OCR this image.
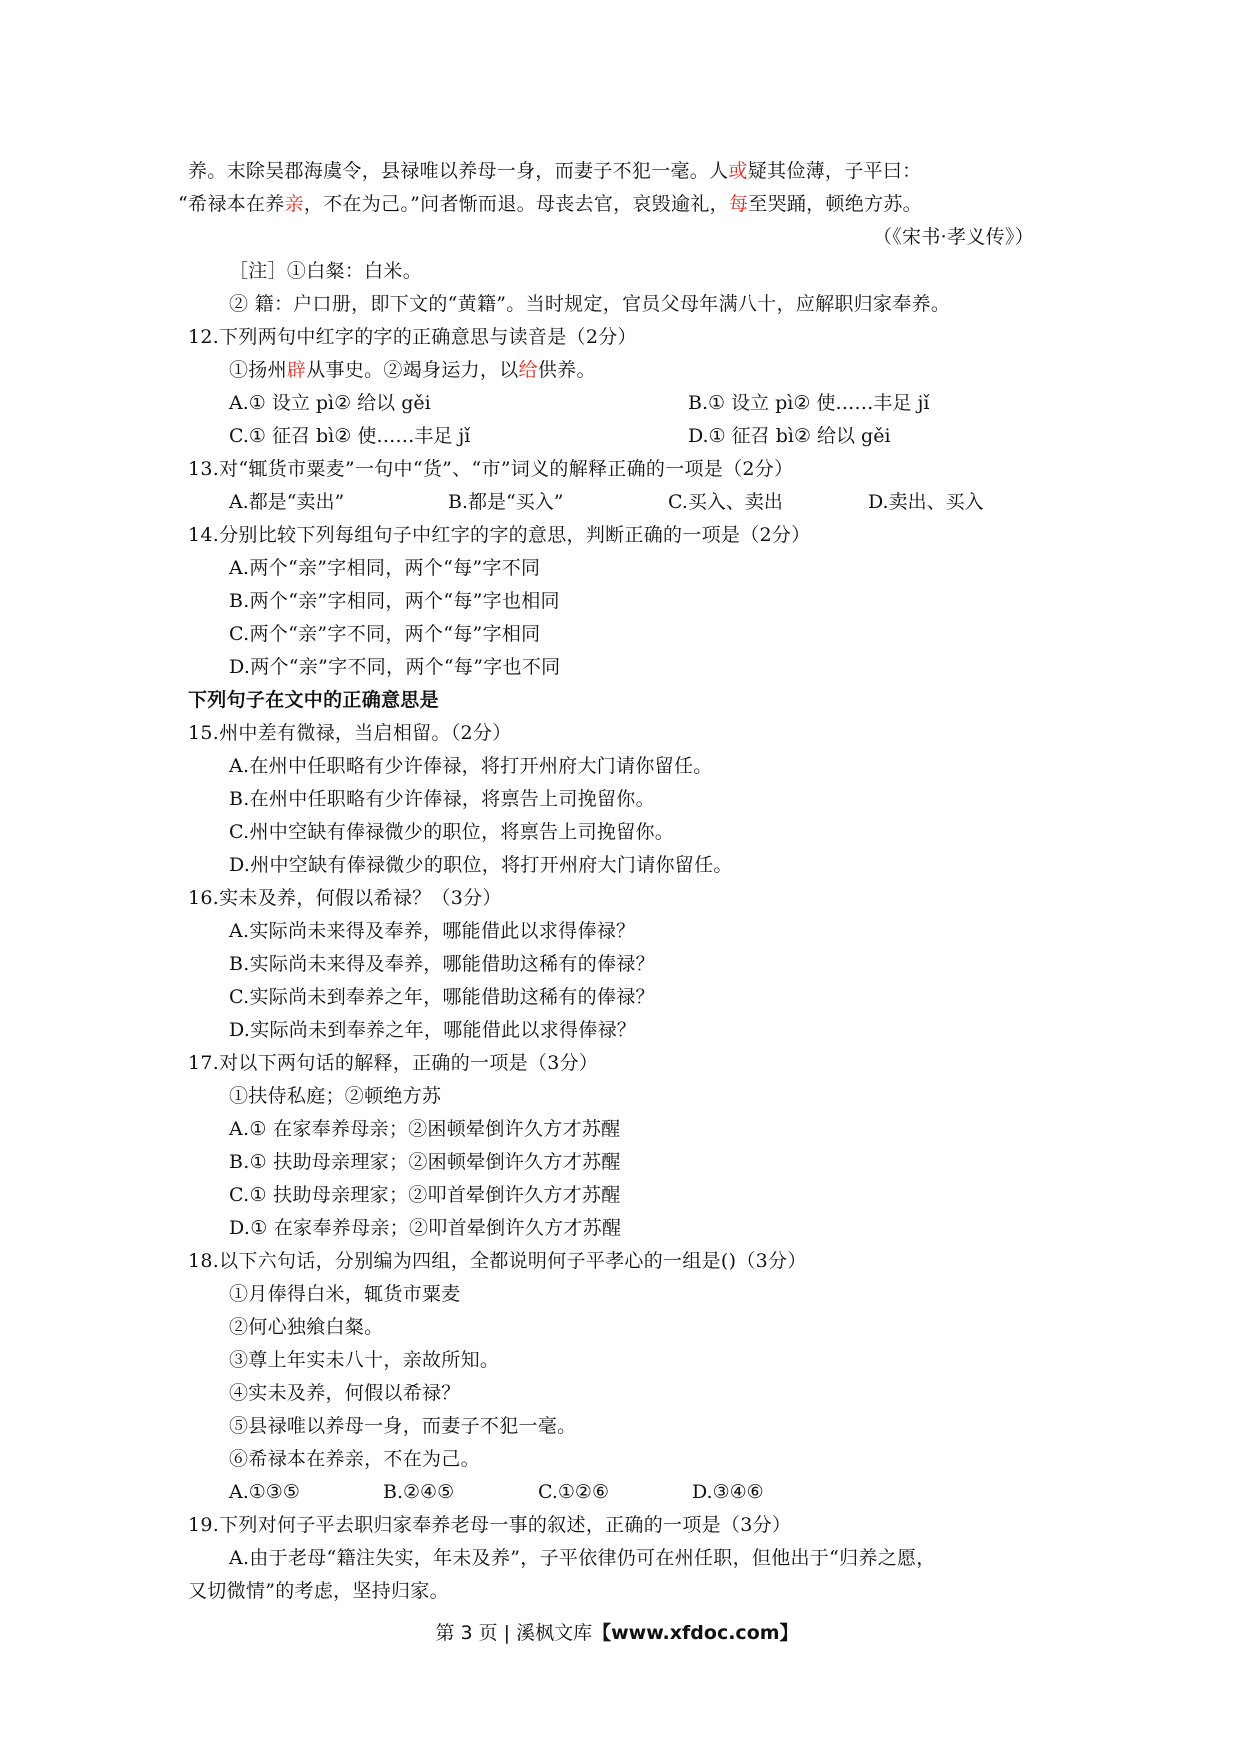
养。末除吴郡海虞令，县禄唯以养母一身，而妻子不犯一毫。人或疑其俭薄，子平曰：
“希禄本在养亲，不在为己。”问者惭而退。母丧去官，哀毁逾礼，每至哭踊，顿绝方苏。
（《宋书·孝义传》）
［注］①白粲：白米。
② 籍：户口册，即下文的“黄籍”。当时规定，官员父母年满八十，应解职归家奉养。
12.下列两句中红字的字的正确意思与读音是（2分）
①扬州辟从事史。②竭身运力，以给供养。
A.① 设立 pì② 给以 gěi	B.① 设立 pì② 使……丰足 jǐ
C.① 征召 bì② 使……丰足 jǐ	D.① 征召 bì② 给以 gěi
13.对“辄货市粟麦”一句中“货”、“市”词义的解释正确的一项是（2分）
A.都是“卖出”	B.都是“买入”	C.买入、卖出	D.卖出、买入
14.分别比较下列每组句子中红字的字的意思，判断正确的一项是（2分）
A.两个“亲”字相同，两个“每”字不同
B.两个“亲”字相同，两个“每”字也相同
C.两个“亲”字不同，两个“每”字相同
D.两个“亲”字不同，两个“每”字也不同
下列句子在文中的正确意思是
15.州中差有微禄，当启相留。（2分）
A.在州中任职略有少许俸禄，将打开州府大门请你留任。
B.在州中任职略有少许俸禄，将禀告上司挽留你。
C.州中空缺有俸禄微少的职位，将禀告上司挽留你。
D.州中空缺有俸禄微少的职位，将打开州府大门请你留任。
16.实未及养，何假以希禄？（3分）
A.实际尚未来得及奉养，哪能借此以求得俸禄？
B.实际尚未来得及奉养，哪能借助这稀有的俸禄？
C.实际尚未到奉养之年，哪能借助这稀有的俸禄？
D.实际尚未到奉养之年，哪能借此以求得俸禄？
17.对以下两句话的解释，正确的一项是（3分）
①扶侍私庭；②顿绝方苏
A.① 在家奉养母亲；②困顿晕倒许久方才苏醒
B.① 扶助母亲理家；②困顿晕倒许久方才苏醒
C.① 扶助母亲理家；②叩首晕倒许久方才苏醒
D.① 在家奉养母亲；②叩首晕倒许久方才苏醒
18.以下六句话，分别编为四组，全都说明何子平孝心的一组是()（3分）
①月俸得白米，辄货市粟麦
②何心独飨白粲。
③尊上年实未八十，亲故所知。
④实未及养，何假以希禄？
⑤县禄唯以养母一身，而妻子不犯一毫。
⑥希禄本在养亲，不在为己。
A.①③⑤	B.②④⑤	C.①②⑥	D.③④⑥
19.下列对何子平去职归家奉养老母一事的叙述，正确的一项是（3分）
A.由于老母“籍注失实，年未及养”，子平依律仍可在州任职，但他出于“归养之愿，
又切微情”的考虑，坚持归家。
第 3 页 | 溪枫文库【www.xfdoc.com】
